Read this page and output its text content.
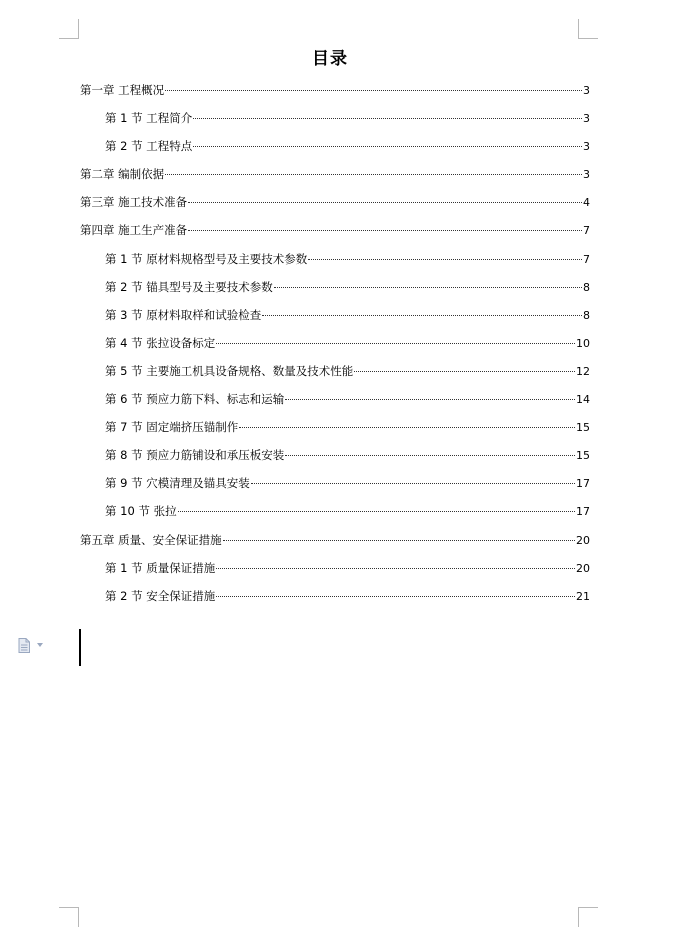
目录
第一章 工程概况	3
第 1 节 工程简介	3
第 2 节 工程特点	3
第二章 编制依据	3
第三章 施工技术准备	4
第四章 施工生产准备	7
第 1 节 原材料规格型号及主要技术参数	7
第 2 节 锚具型号及主要技术参数	8
第 3 节 原材料取样和试验检查	8
第 4 节 张拉设备标定	10
第 5 节 主要施工机具设备规格、数量及技术性能	12
第 6 节 预应力筋下料、标志和运输	14
第 7 节 固定端挤压锚制作	15
第 8 节 预应力筋铺设和承压板安装	15
第 9 节 穴模清理及锚具安装	17
第 10 节 张拉	17
第五章 质量、安全保证措施	20
第 1 节 质量保证措施	20
第 2 节 安全保证措施	21
